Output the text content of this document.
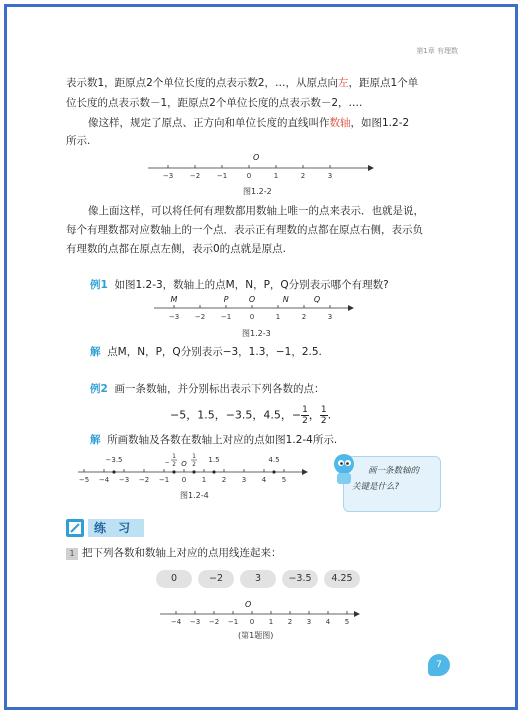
第1章 有理数
表示数1，距原点2个单位长度的点表示数2，…，从原点向左，距原点1个单
位长度的点表示数－1，距原点2个单位长度的点表示数－2，….
像这样，规定了原点、正方向和单位长度的直线叫作数轴，如图1.2-2
所示.
O
−3 −2 −1	0	1	2	3
图1.2-2
像上面这样，可以将任何有理数都用数轴上唯一的点来表示．也就是说，
每个有理数都对应数轴上的一个点．表示正有理数的点都在原点右侧，表示负
有理数的点都在原点左侧，表示0的点就是原点.
例1 如图1.2-3，数轴上的点M，N，P，Q分别表示哪个有理数?
M	P	O	N	Q
−3 −2 −1	0	1	2	3
图1.2-3
解 点M，N，P，Q分别表示−3，1.3，−1，2.5.
例2 画一条数轴，并分别标出表示下列各数的点：
−5，1.5，−3.5，4.5，− $\frac{1}{2}$ ， $\frac{1}{2}$ .
解 所画数轴及各数在数轴上对应的点如图1.2-4所示.
−3.5	1.5	4.5
1
2
1
2
− O
−5 −4 −3 −2 −1 0 1 2 3 4 5
图1.2-4
画一条数轴的
关键是什么?
练 习
1 把下列各数和数轴上对应的点用线连起来：
0	−2	3	−3.5	4.25
O
−4 −3 −2 −1 0 1 2 3 4 5
(第1题图)
7
